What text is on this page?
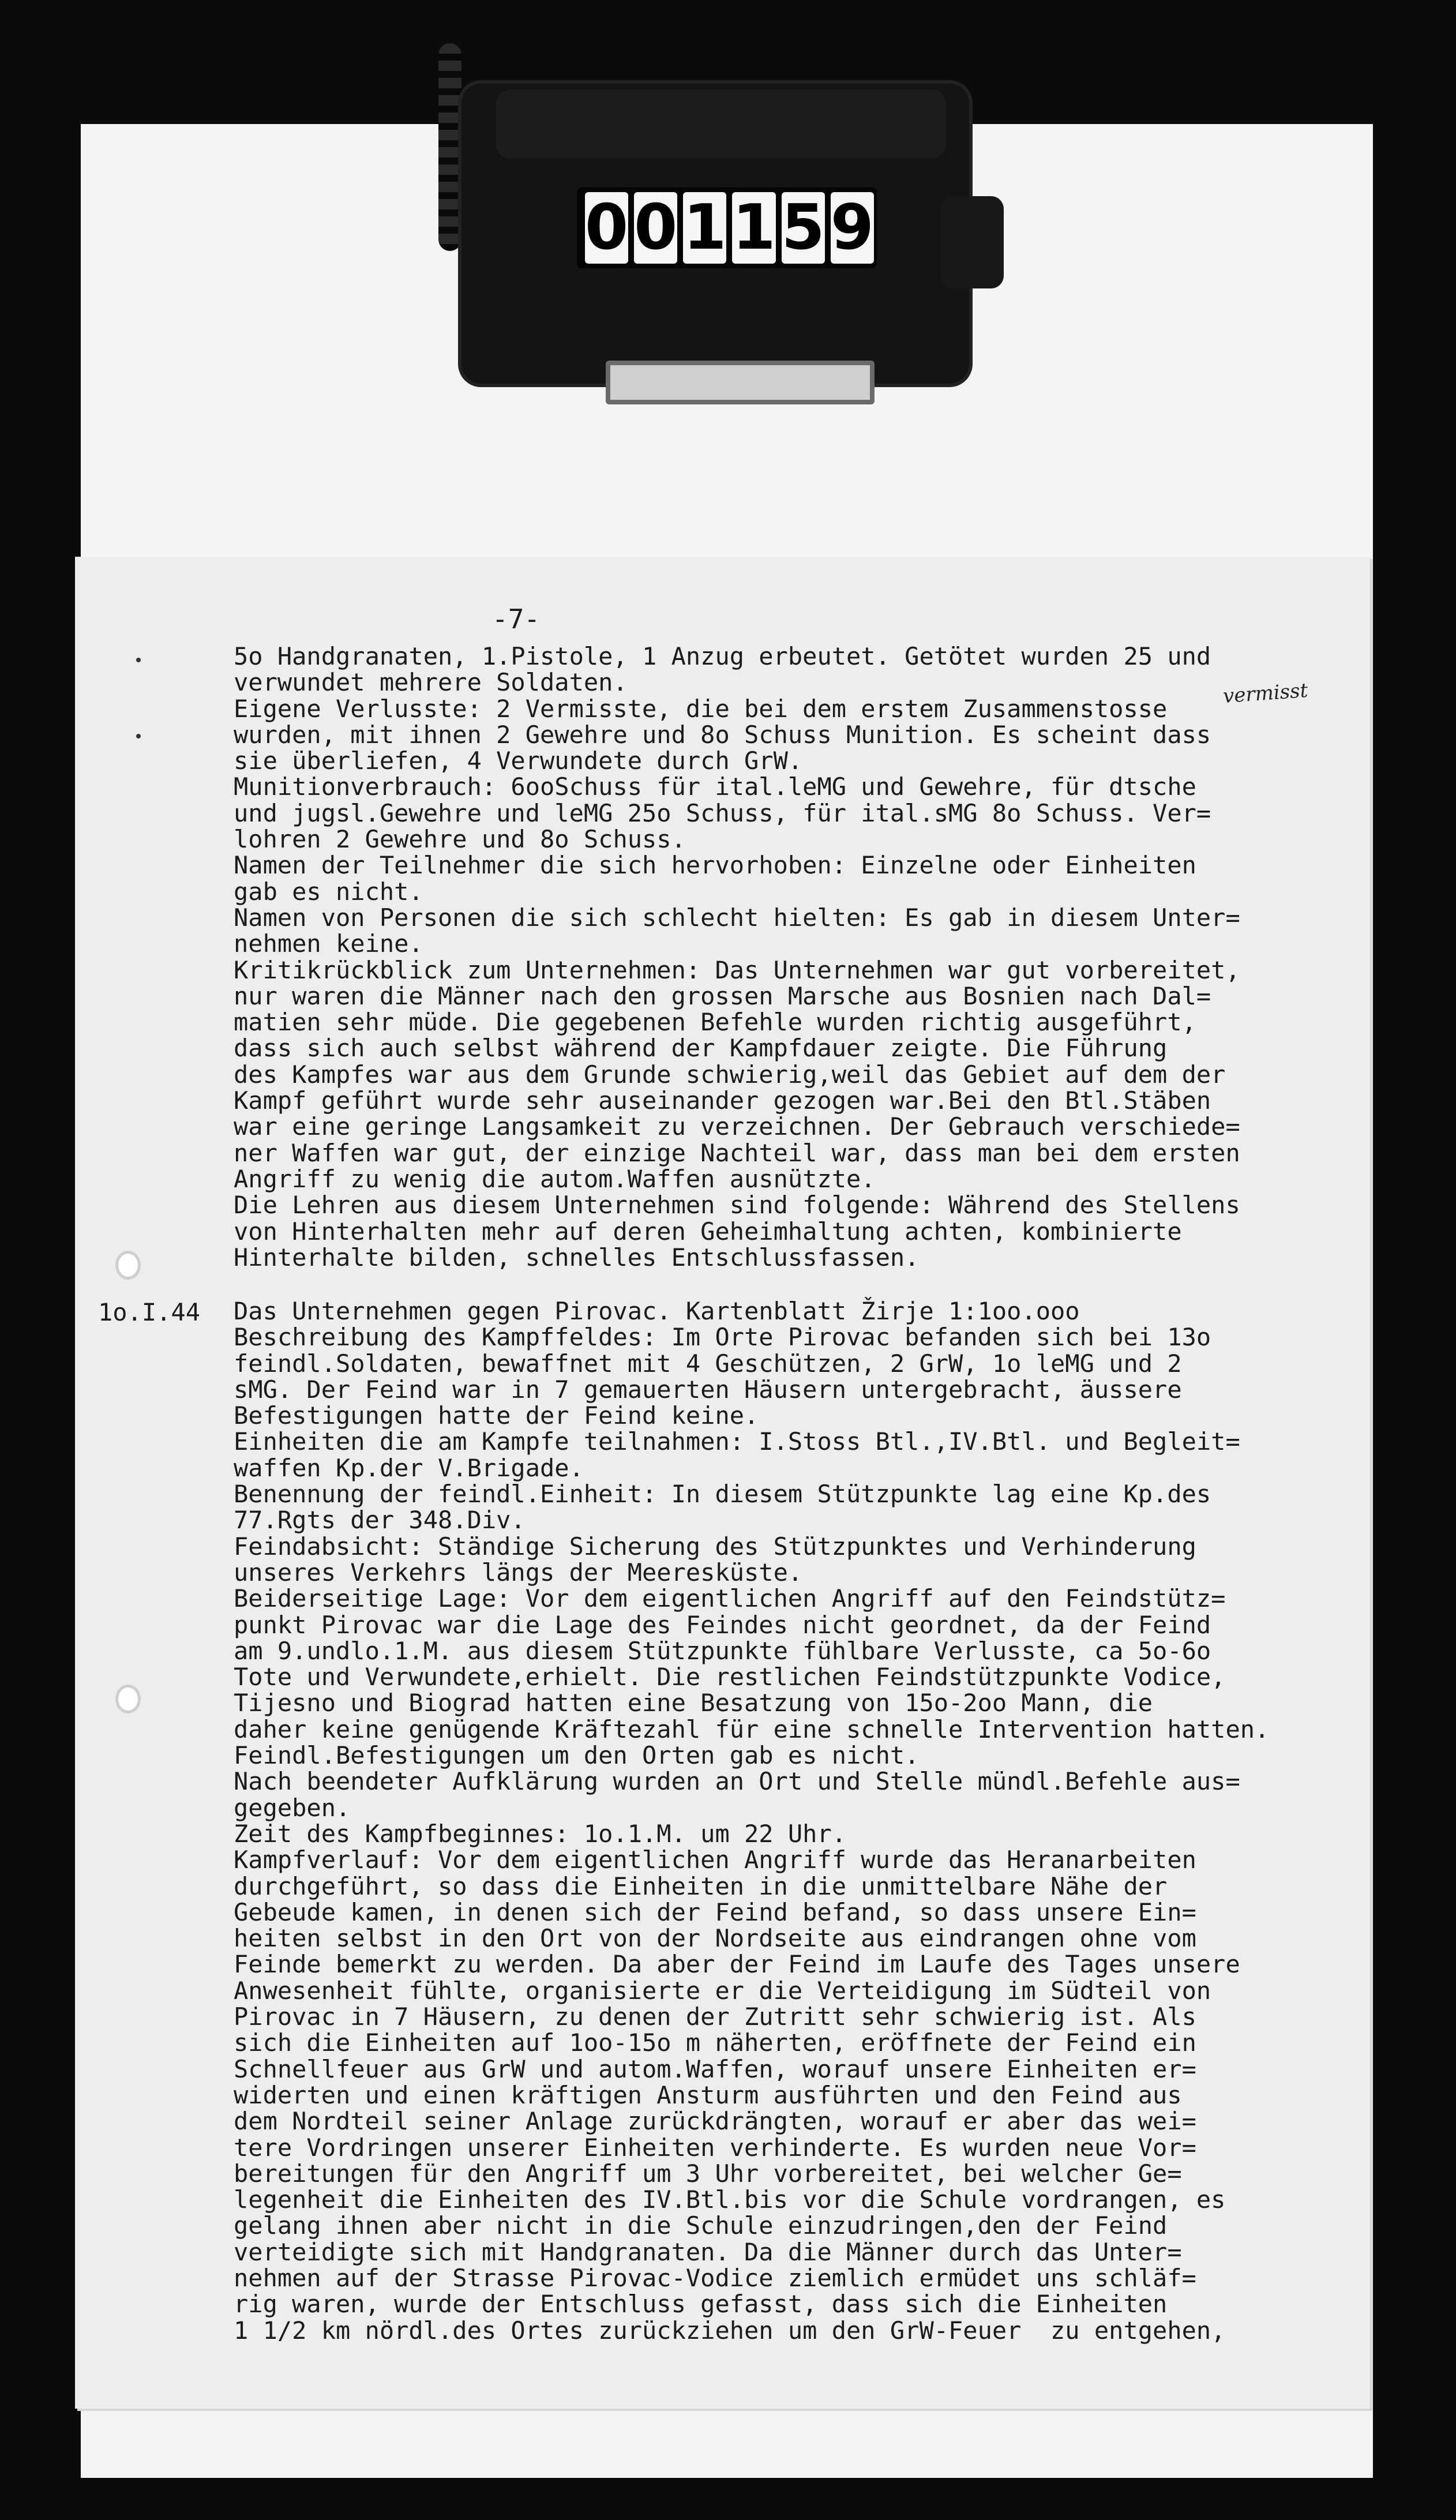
0 0 1 1 5 9
-7-
vermisst
5o Handgranaten, 1.Pistole, 1 Anzug erbeutet. Getötet wurden 25 und
verwundet mehrere Soldaten.
Eigene Verlusste: 2 Vermisste, die bei dem erstem Zusammenstosse
wurden, mit ihnen 2 Gewehre und 8o Schuss Munition. Es scheint dass
sie überliefen, 4 Verwundete durch GrW.
Munitionverbrauch: 6ooSchuss für ital.leMG und Gewehre, für dtsche
und jugsl.Gewehre und leMG 25o Schuss, für ital.sMG 8o Schuss. Ver=
lohren 2 Gewehre und 8o Schuss.
Namen der Teilnehmer die sich hervorhoben: Einzelne oder Einheiten
gab es nicht.
Namen von Personen die sich schlecht hielten: Es gab in diesem Unter=
nehmen keine.
Kritikrückblick zum Unternehmen: Das Unternehmen war gut vorbereitet,
nur waren die Männer nach den grossen Marsche aus Bosnien nach Dal=
matien sehr müde. Die gegebenen Befehle wurden richtig ausgeführt,
dass sich auch selbst während der Kampfdauer zeigte. Die Führung
des Kampfes war aus dem Grunde schwierig,weil das Gebiet auf dem der
Kampf geführt wurde sehr auseinander gezogen war.Bei den Btl.Stäben
war eine geringe Langsamkeit zu verzeichnen. Der Gebrauch verschiede=
ner Waffen war gut, der einzige Nachteil war, dass man bei dem ersten
Angriff zu wenig die autom.Waffen ausnützte.
Die Lehren aus diesem Unternehmen sind folgende: Während des Stellens
von Hinterhalten mehr auf deren Geheimhaltung achten, kombinierte
Hinterhalte bilden, schnelles Entschlussfassen.
1o.I.44 Das Unternehmen gegen Pirovac. Kartenblatt Žirje 1:1oo.ooo
Beschreibung des Kampffeldes: Im Orte Pirovac befanden sich bei 13o
feindl.Soldaten, bewaffnet mit 4 Geschützen, 2 GrW, 1o leMG und 2
sMG. Der Feind war in 7 gemauerten Häusern untergebracht, äussere
Befestigungen hatte der Feind keine.
Einheiten die am Kampfe teilnahmen: I.Stoss Btl.,IV.Btl. und Begleit=
waffen Kp.der V.Brigade.
Benennung der feindl.Einheit: In diesem Stützpunkte lag eine Kp.des
77.Rgts der 348.Div.
Feindabsicht: Ständige Sicherung des Stützpunktes und Verhinderung
unseres Verkehrs längs der Meeresküste.
Beiderseitige Lage: Vor dem eigentlichen Angriff auf den Feindstütz=
punkt Pirovac war die Lage des Feindes nicht geordnet, da der Feind
am 9.undlo.1.M. aus diesem Stützpunkte fühlbare Verlusste, ca 5o-6o
Tote und Verwundete,erhielt. Die restlichen Feindstützpunkte Vodice,
Tijesno und Biograd hatten eine Besatzung von 15o-2oo Mann, die
daher keine genügende Kräftezahl für eine schnelle Intervention hatten.
Feindl.Befestigungen um den Orten gab es nicht.
Nach beendeter Aufklärung wurden an Ort und Stelle mündl.Befehle aus=
gegeben.
Zeit des Kampfbeginnes: 1o.1.M. um 22 Uhr.
Kampfverlauf: Vor dem eigentlichen Angriff wurde das Heranarbeiten
durchgeführt, so dass die Einheiten in die unmittelbare Nähe der
Gebeude kamen, in denen sich der Feind befand, so dass unsere Ein=
heiten selbst in den Ort von der Nordseite aus eindrangen ohne vom
Feinde bemerkt zu werden. Da aber der Feind im Laufe des Tages unsere
Anwesenheit fühlte, organisierte er die Verteidigung im Südteil von
Pirovac in 7 Häusern, zu denen der Zutritt sehr schwierig ist. Als
sich die Einheiten auf 1oo-15o m näherten, eröffnete der Feind ein
Schnellfeuer aus GrW und autom.Waffen, worauf unsere Einheiten er=
widerten und einen kräftigen Ansturm ausführten und den Feind aus
dem Nordteil seiner Anlage zurückdrängten, worauf er aber das wei=
tere Vordringen unserer Einheiten verhinderte. Es wurden neue Vor=
bereitungen für den Angriff um 3 Uhr vorbereitet, bei welcher Ge=
legenheit die Einheiten des IV.Btl.bis vor die Schule vordrangen, es
gelang ihnen aber nicht in die Schule einzudringen,den der Feind
verteidigte sich mit Handgranaten. Da die Männer durch das Unter=
nehmen auf der Strasse Pirovac-Vodice ziemlich ermüdet uns schläf=
rig waren, wurde der Entschluss gefasst, dass sich die Einheiten
1 1/2 km nördl.des Ortes zurückziehen um den GrW-Feuer  zu entgehen,
